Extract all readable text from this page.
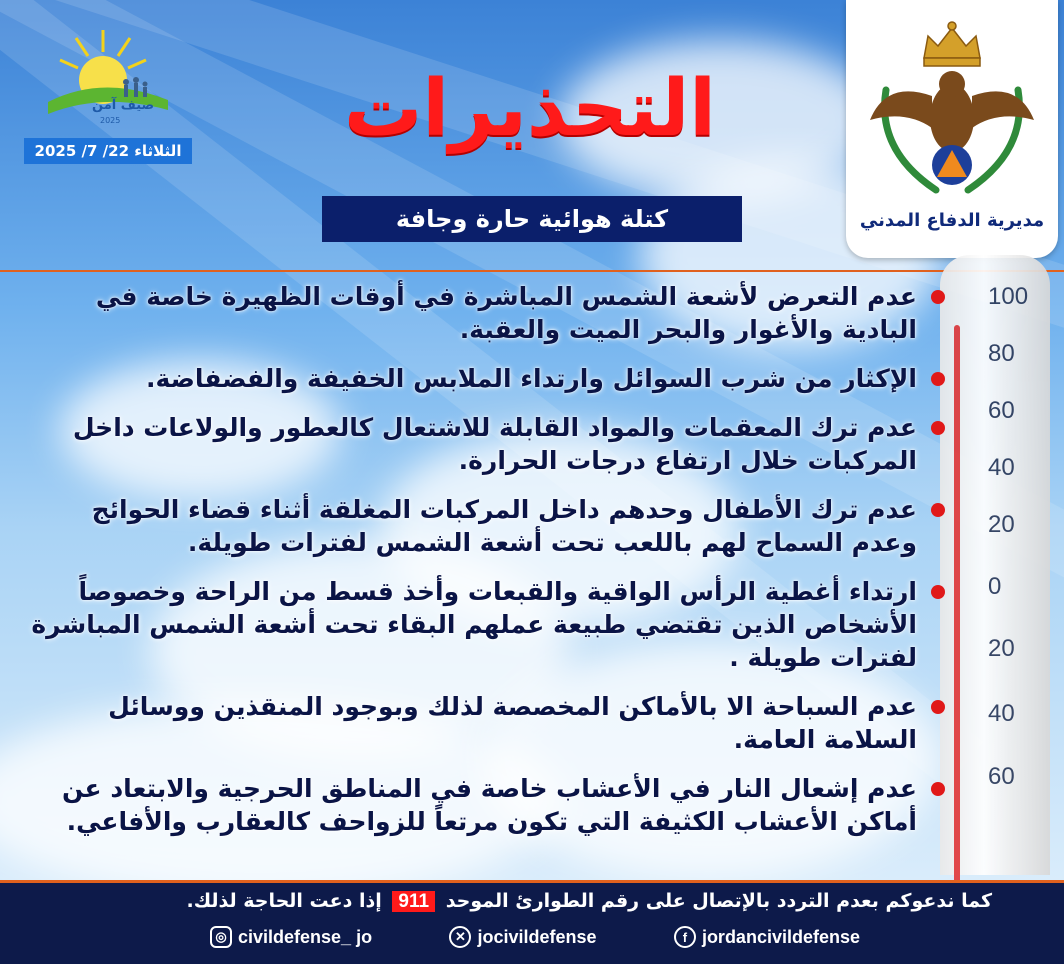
صيف آمن
2025
الثلاثاء 22/ 7/ 2025	التحذيرات
كتلة هوائية حارة وجافة	مديرية الدفاع المدني
100
80
60
40
20
0
20
40
60
عدم التعرض لأشعة الشمس المباشرة في أوقات الظهيرة خاصة في البادية والأغوار والبحر الميت والعقبة.
الإكثار من شرب السوائل وارتداء الملابس الخفيفة والفضفاضة.
عدم ترك المعقمات والمواد القابلة للاشتعال كالعطور والولاعات داخل المركبات خلال ارتفاع درجات الحرارة.
عدم ترك الأطفال وحدهم داخل المركبات المغلقة أثناء قضاء الحوائج وعدم السماح لهم باللعب تحت أشعة الشمس لفترات طويلة.
ارتداء أغطية الرأس الواقية والقبعات وأخذ قسط من الراحة وخصوصاً الأشخاص الذين تقتضي طبيعة عملهم البقاء تحت أشعة الشمس المباشرة لفترات طويلة .
عدم السباحة الا بالأماكن المخصصة لذلك وبوجود المنقذين ووسائل السلامة العامة.
عدم إشعال النار في الأعشاب خاصة في المناطق الحرجية والابتعاد عن أماكن الأعشاب الكثيفة التي تكون مرتعاً للزواحف كالعقارب والأفاعي.
كما ندعوكم بعدم التردد بالإتصال على رقم الطوارئ الموحد 911 إذا دعت الحاجة لذلك.
◎ civildefense_ jo	✕ jocivildefense	f jordancivildefense
